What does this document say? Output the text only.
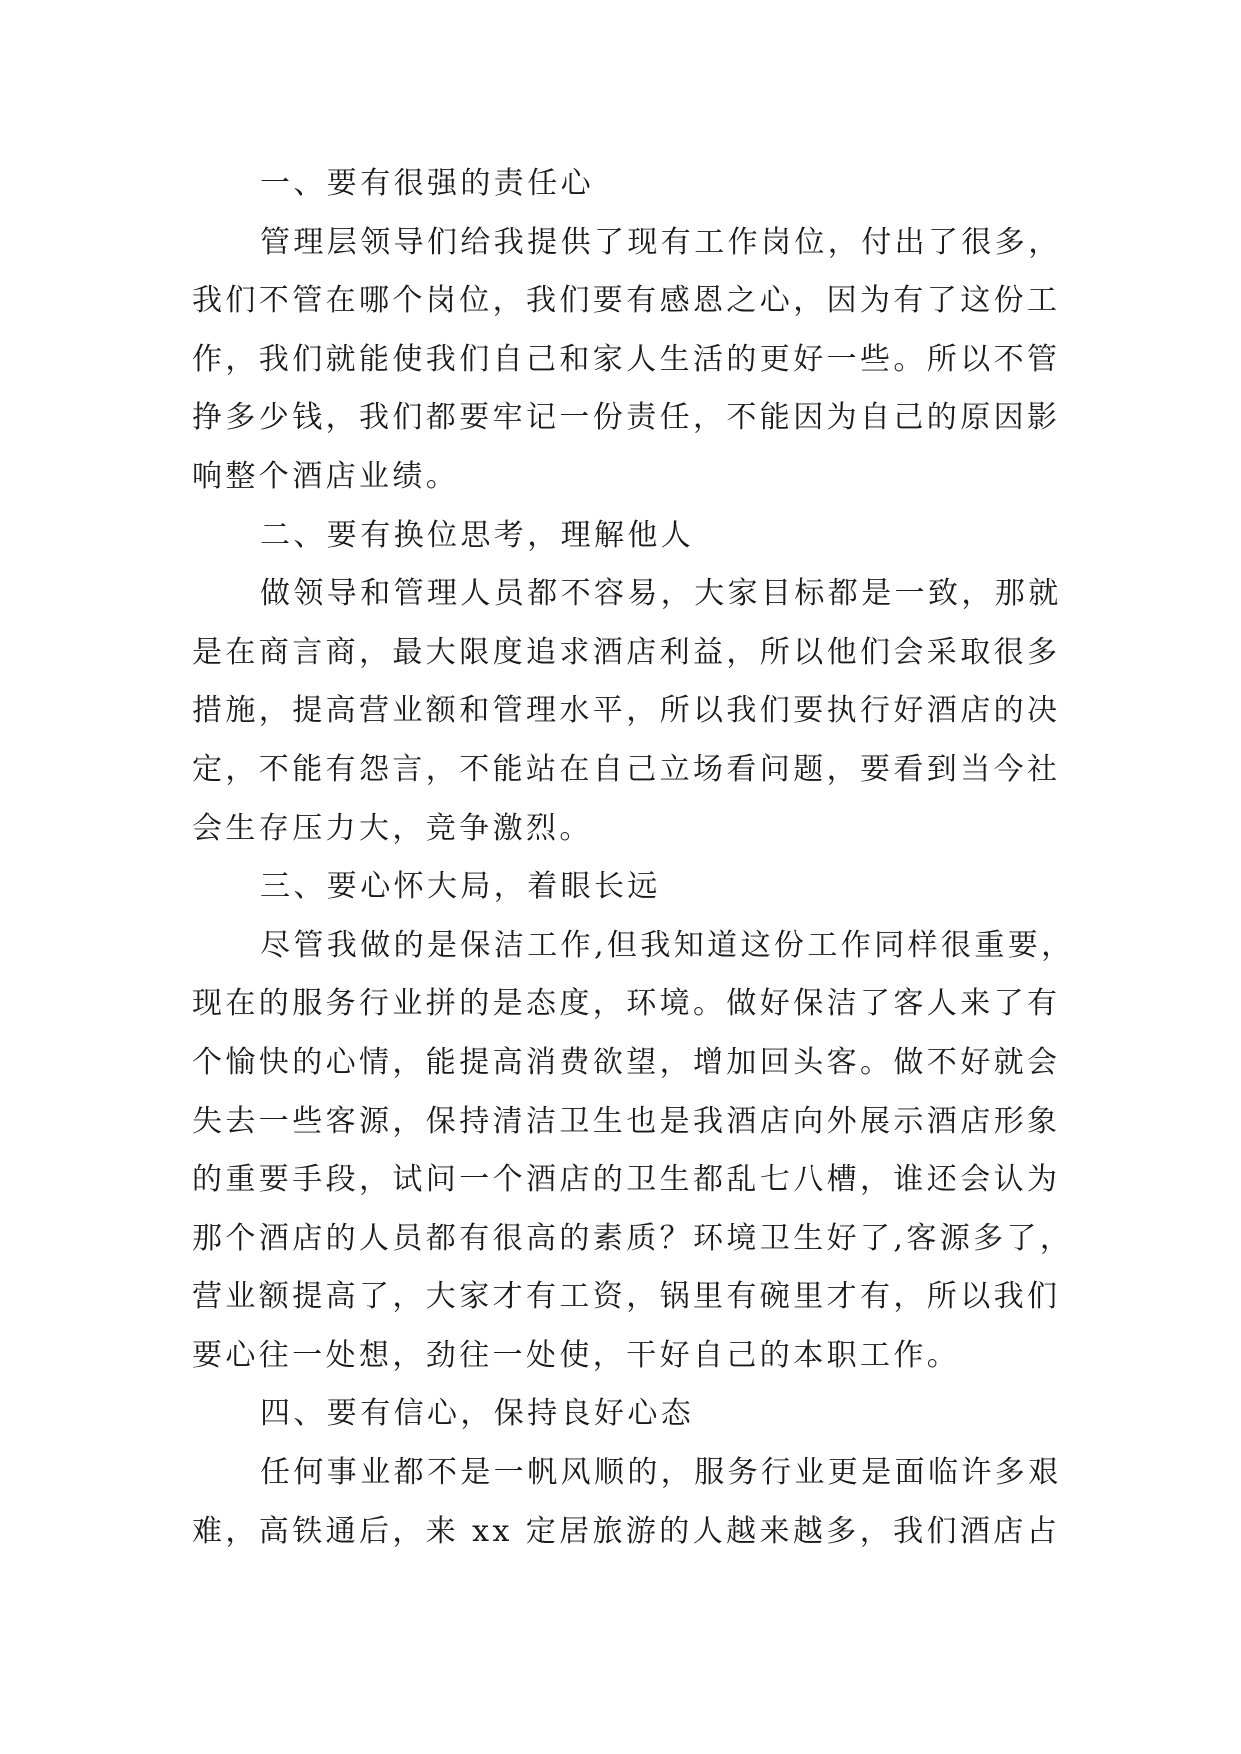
一、要有很强的责任心
管理层领导们给我提供了现有工作岗位，付出了很多，
我们不管在哪个岗位，我们要有感恩之心，因为有了这份工
作，我们就能使我们自己和家人生活的更好一些。所以不管
挣多少钱，我们都要牢记一份责任，不能因为自己的原因影
响整个酒店业绩。
二、要有换位思考，理解他人
做领导和管理人员都不容易，大家目标都是一致，那就
是在商言商，最大限度追求酒店利益，所以他们会采取很多
措施，提高营业额和管理水平，所以我们要执行好酒店的决
定，不能有怨言，不能站在自己立场看问题，要看到当今社
会生存压力大，竞争激烈。
三、要心怀大局，着眼长远
尽管我做的是保洁工作,但我知道这份工作同样很重要，
现在的服务行业拼的是态度，环境。做好保洁了客人来了有
个愉快的心情，能提高消费欲望，增加回头客。做不好就会
失去一些客源，保持清洁卫生也是我酒店向外展示酒店形象
的重要手段，试问一个酒店的卫生都乱七八槽，谁还会认为
那个酒店的人员都有很高的素质？环境卫生好了,客源多了，
营业额提高了，大家才有工资，锅里有碗里才有，所以我们
要心往一处想，劲往一处使，干好自己的本职工作。
四、要有信心，保持良好心态
任何事业都不是一帆风顺的，服务行业更是面临许多艰
难，高铁通后，来 xx 定居旅游的人越来越多，我们酒店占
